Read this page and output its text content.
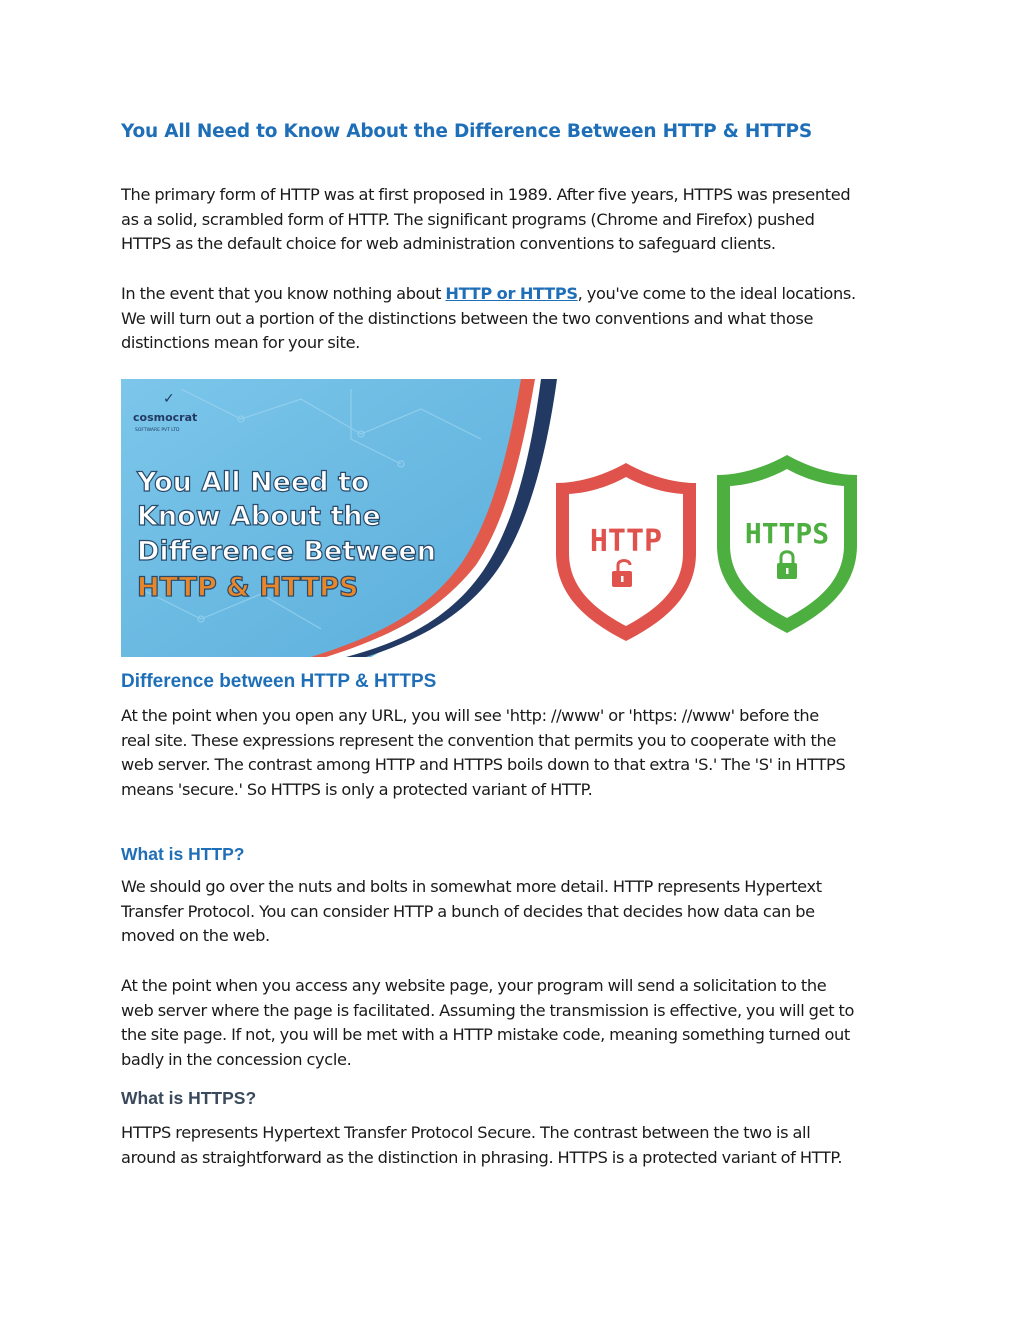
You All Need to Know About the Difference Between HTTP & HTTPS
The primary form of HTTP was at first proposed in 1989. After five years, HTTPS was presented
as a solid, scrambled form of HTTP. The significant programs (Chrome and Firefox) pushed
HTTPS as the default choice for web administration conventions to safeguard clients.
In the event that you know nothing about HTTP or HTTPS, you've come to the ideal locations.
We will turn out a portion of the distinctions between the two conventions and what those
distinctions mean for your site.
Difference between HTTP & HTTPS
At the point when you open any URL, you will see 'http: //www' or 'https: //www' before the
real site. These expressions represent the convention that permits you to cooperate with the
web server. The contrast among HTTP and HTTPS boils down to that extra 'S.' The 'S' in HTTPS
means 'secure.' So HTTPS is only a protected variant of HTTP.
What is HTTP?
We should go over the nuts and bolts in somewhat more detail. HTTP represents Hypertext
Transfer Protocol. You can consider HTTP a bunch of decides that decides how data can be
moved on the web.
At the point when you access any website page, your program will send a solicitation to the
web server where the page is facilitated. Assuming the transmission is effective, you will get to
the site page. If not, you will be met with a HTTP mistake code, meaning something turned out
badly in the concession cycle.
What is HTTPS?
HTTPS represents Hypertext Transfer Protocol Secure. The contrast between the two is all
around as straightforward as the distinction in phrasing. HTTPS is a protected variant of HTTP.
✓
cosmocrat
SOFTWARE PVT LTD
You All Need to
Know About the
Difference Between
HTTP & HTTPS
HTTP	HTTPS
